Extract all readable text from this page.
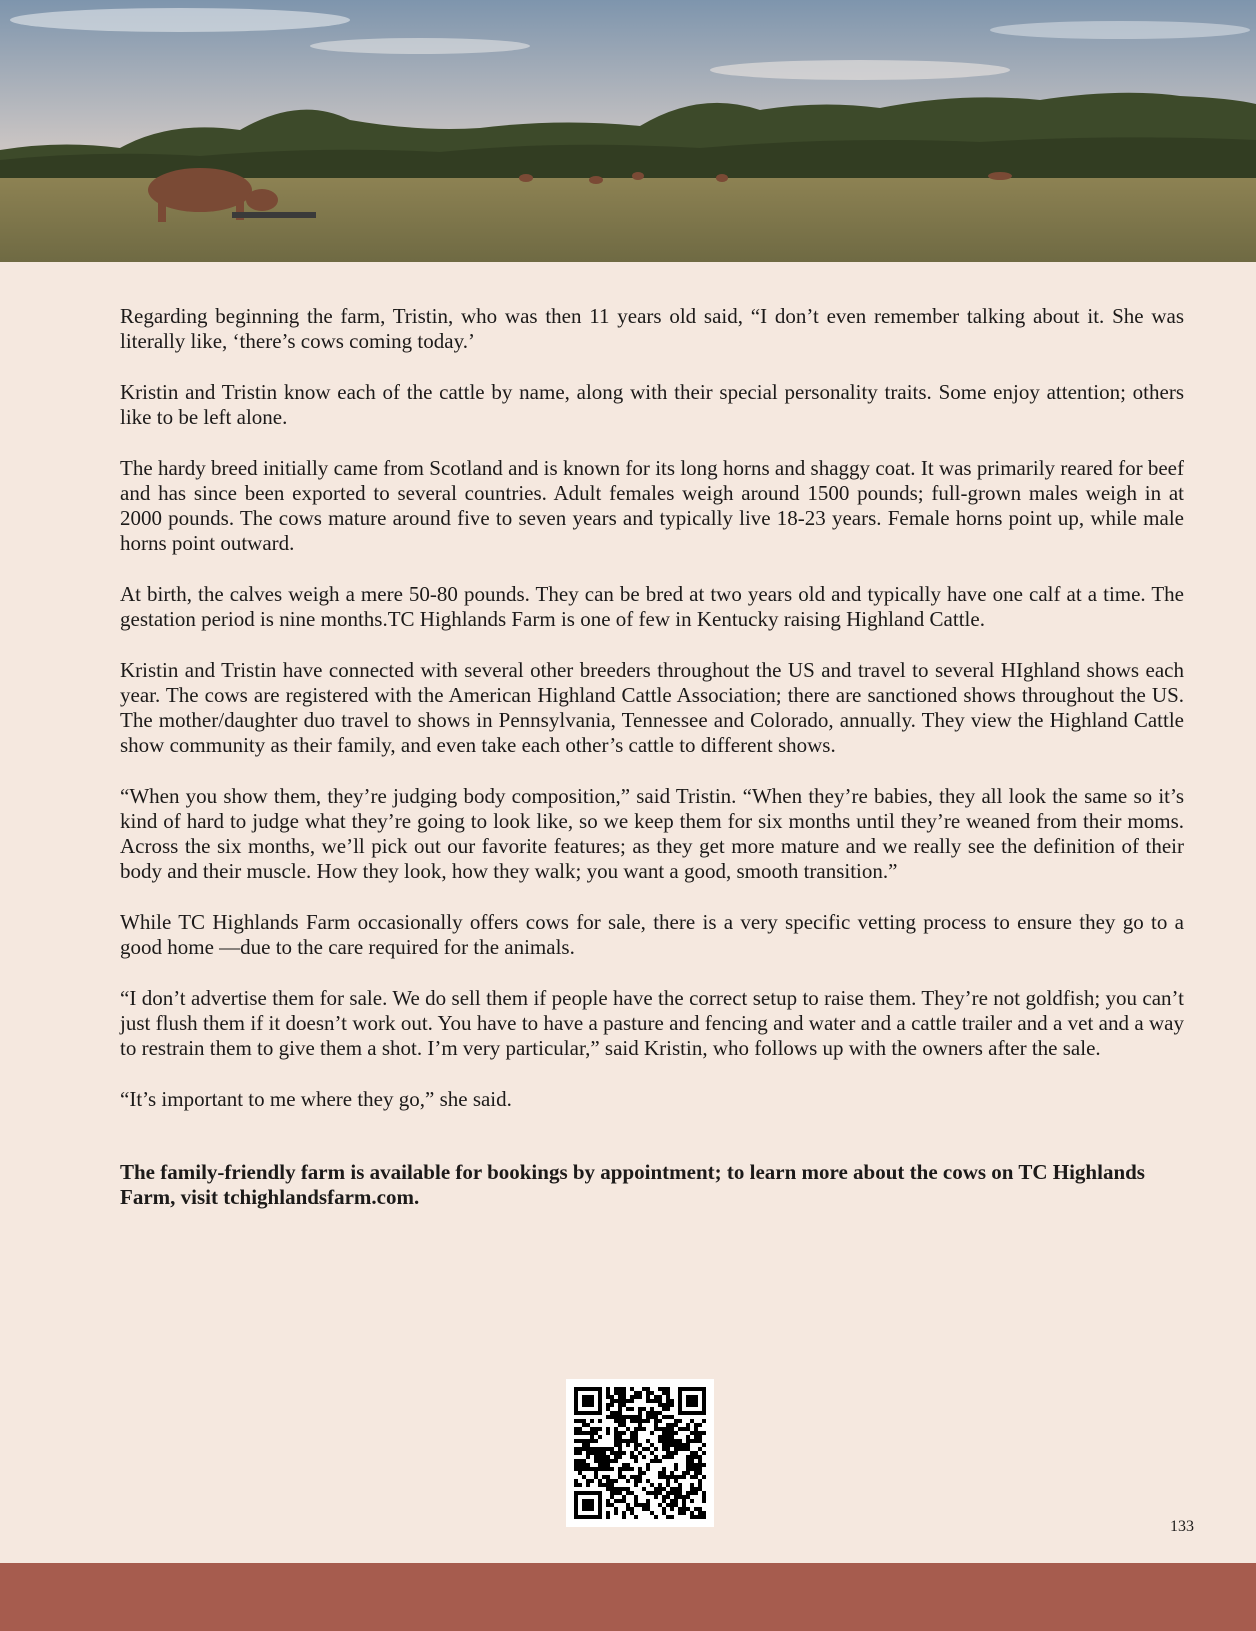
Regarding beginning the farm, Tristin, who was then 11 years old said, “I don’t even remember talking about it. She was literally like, ‘there’s cows coming today.’

Kristin and Tristin know each of the cattle by name, along with their special personality traits. Some enjoy attention; others like to be left alone.

The hardy breed initially came from Scotland and is known for its long horns and shaggy coat. It was primarily reared for beef and has since been exported to several countries. Adult females weigh around 1500 pounds; full-grown males weigh in at 2000 pounds. The cows mature around five to seven years and typically live 18-23 years. Female horns point up, while male horns point outward.

At birth, the calves weigh a mere 50-80 pounds. They can be bred at two years old and typically have one calf at a time. The gestation period is nine months.TC Highlands Farm is one of few in Kentucky raising Highland Cattle.

Kristin and Tristin have connected with several other breeders throughout the US and travel to several HIghland shows each year. The cows are registered with the American Highland Cattle Association; there are sanctioned shows throughout the US. The mother/daughter duo travel to shows in Pennsylvania, Tennessee and Colorado, annually. They view the Highland Cattle show community as their family, and even take each other’s cattle to different shows.

“When you show them, they’re judging body composition,” said Tristin. “When they’re babies, they all look the same so it’s kind of hard to judge what they’re going to look like, so we keep them for six months until they’re weaned from their moms. Across the six months, we’ll pick out our favorite features; as they get more mature and we really see the definition of their body and their muscle. How they look, how they walk; you want a good, smooth transition.”

While TC Highlands Farm occasionally offers cows for sale, there is a very specific vetting process to ensure they go to a good home —due to the care required for the animals.

“I don’t advertise them for sale. We do sell them if people have the correct setup to raise them. They’re not goldfish; you can’t just flush them if it doesn’t work out. You have to have a pasture and fencing and water and a cattle trailer and a vet and a way to restrain them to give them a shot. I’m very particular,” said Kristin, who follows up with the owners after the sale.

“It’s important to me where they go,” she said.

The family-friendly farm is available for bookings by appointment; to learn more about the cows on TC Highlands Farm, visit tchighlandsfarm.com.

133
